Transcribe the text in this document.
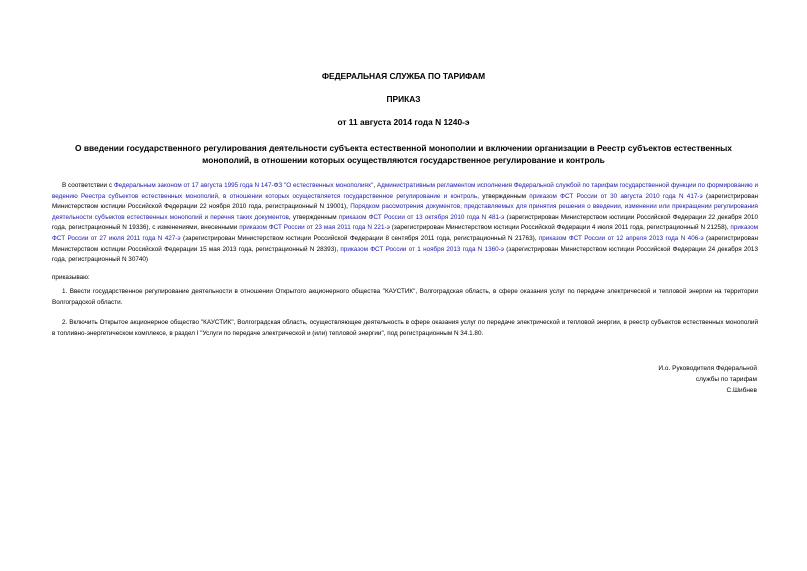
ФЕДЕРАЛЬНАЯ СЛУЖБА ПО ТАРИФАМ
ПРИКАЗ
от 11 августа 2014 года N 1240-э
О введении государственного регулирования деятельности субъекта естественной монополии и включении организации в Реестр субъектов естественных
монополий, в отношении которых осуществляются государственное регулирование и контроль

В соответствии с Федеральным законом от 17 августа 1995 года N 147-ФЗ "О естественных монополиях", Административным регламентом исполнения Федеральной службой по тарифам государственной функции по формированию и ведению Реестра субъектов естественных монополий, в отношении которых осуществляется государственное регулирование и контроль, утвержденным приказом ФСТ России от 30 августа 2010 года N 417-э (зарегистрирован Министерством юстиции Российской Федерации 22 ноября 2010 года, регистрационный N 19001), Порядком рассмотрения документов, представляемых для принятия решения о введении, изменении или прекращении регулирования деятельности субъектов естественных монополий и перечня таких документов, утвержденным приказом ФСТ России от 13 октября 2010 года N 481-э (зарегистрирован Министерством юстиции Российской Федерации 22 декабря 2010 года, регистрационный N 19336), с изменениями, внесенными приказом ФСТ России от 23 мая 2011 года N 221-э (зарегистрирован Министерством юстиции Российской Федерации 4 июля 2011 года, регистрационный N 21258), приказом ФСТ России от 27 июля 2011 года N 427-э (зарегистрирован Министерством юстиции Российской Федерации 8 сентября 2011 года, регистрационный N 21763), приказом ФСТ России от 12 апреля 2013 года N 406-э (зарегистрирован Министерством юстиции Российской Федерации 15 мая 2013 года, регистрационный N 28393), приказом ФСТ России от 1 ноября 2013 года N 1360-э (зарегистрирован Министерством юстиции Российской Федерации 24 декабря 2013 года, регистрационный N 30740)

приказываю:

1. Ввести государственное регулирование деятельности в отношении Открытого акционерного общества "КАУСТИК", Волгоградская область, в сфере оказания услуг по передаче электрической и тепловой энергии на территории Волгоградской области.

2. Включить Открытое акционерное общество "КАУСТИК", Волгоградская область, осуществляющее деятельность в сфере оказания услуг по передаче электрической и тепловой энергии, в реестр субъектов естественных монополий в топливно-энергетическом комплексе, в раздел I "Услуги по передаче электрической и (или) тепловой энергии", под регистрационным N 34.1.80.

И.о. Руководителя Федеральной
службы по тарифам
С.Шибнев
